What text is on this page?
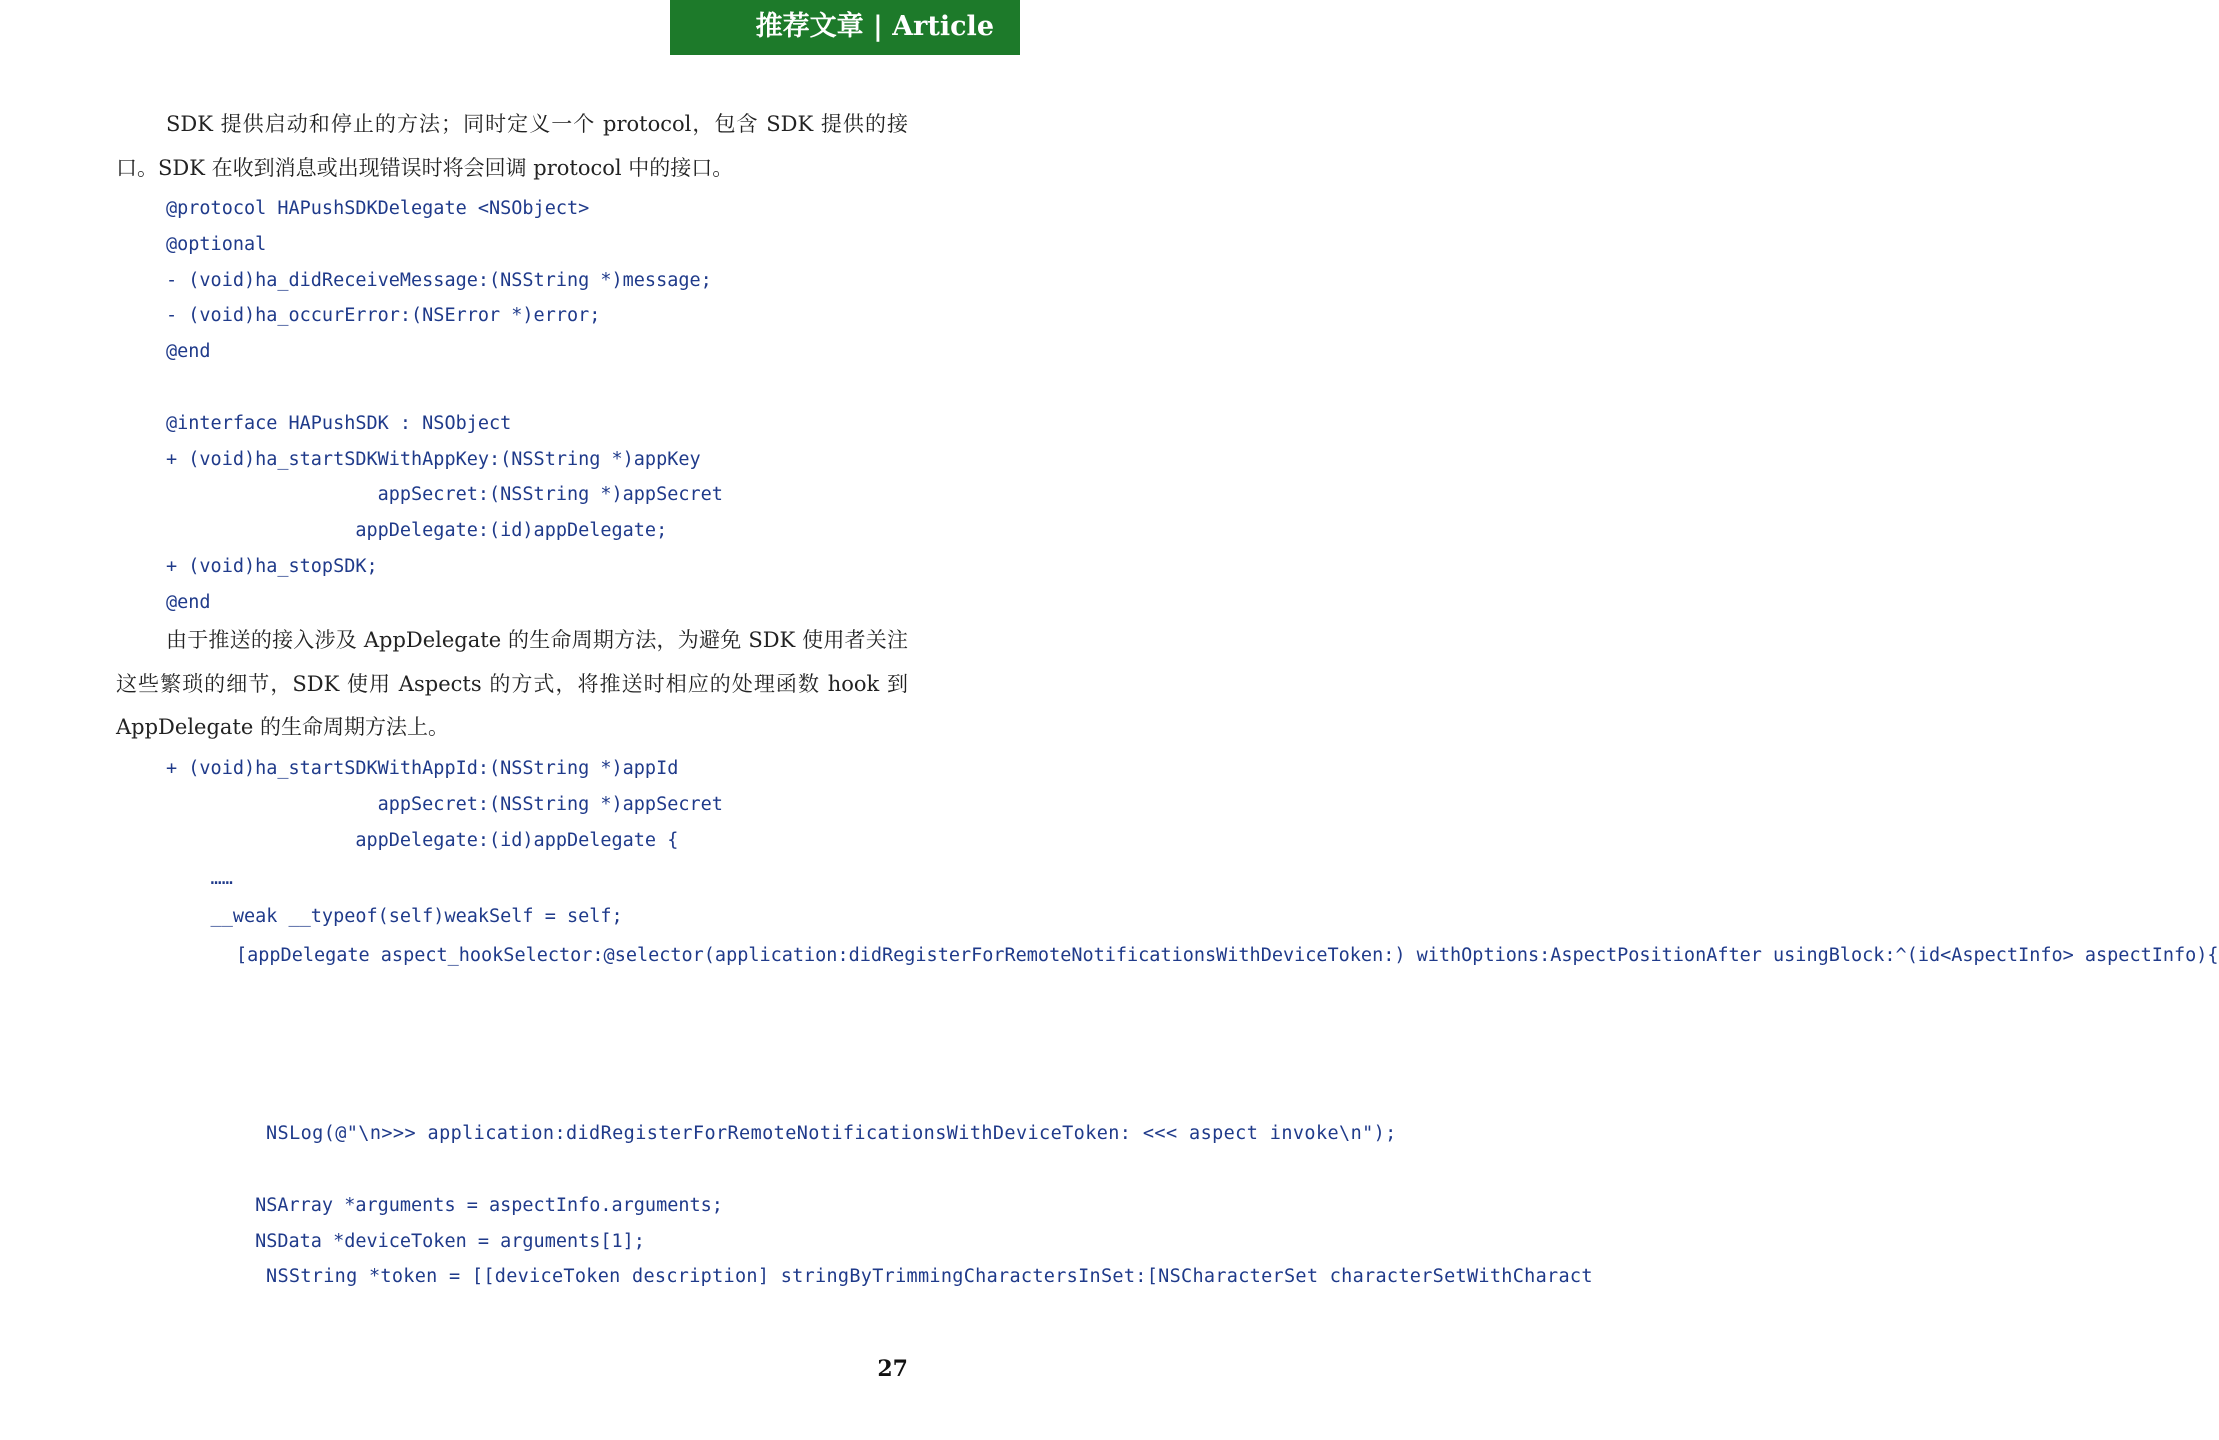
推荐文章 | Article

SDK 提供启动和停止的方法；同时定义一个 protocol，包含 SDK 提供的接口。SDK 在收到消息或出现错误时将会回调 protocol 中的接口。

@protocol HAPushSDKDelegate <NSObject>
@optional
- (void)ha_didReceiveMessage:(NSString *)message;
- (void)ha_occurError:(NSError *)error;
@end
@interface HAPushSDK : NSObject
+ (void)ha_startSDKWithAppKey:(NSString *)appKey
appSecret:(NSString *)appSecret
appDelegate:(id)appDelegate;
+ (void)ha_stopSDK;
@end

由于推送的接入涉及 AppDelegate 的生命周期方法，为避免 SDK 使用者关注这些繁琐的细节，SDK 使用 Aspects 的方式，将推送时相应的处理函数 hook 到 AppDelegate 的生命周期方法上。

+ (void)ha_startSDKWithAppId:(NSString *)appId
appSecret:(NSString *)appSecret
appDelegate:(id)appDelegate {
……
__weak __typeof(self)weakSelf = self;
[appDelegate aspect_hookSelector:@selector(application:didRegisterForRemoteNotificationsWithDeviceToken:) withOptions:AspectPositionAfter usingBlock:^(id<AspectInfo> aspectInfo){
NSLog(@"\n>>> application:didRegisterForRemoteNotificationsWithDeviceToken: <<< aspect invoke\n");
NSArray *arguments = aspectInfo.arguments;
NSData *deviceToken = arguments[1];
NSString *token = [[deviceToken description] stringByTrimmingCharactersInSet:[NSCharacterSet characterSetWithCharact
27
